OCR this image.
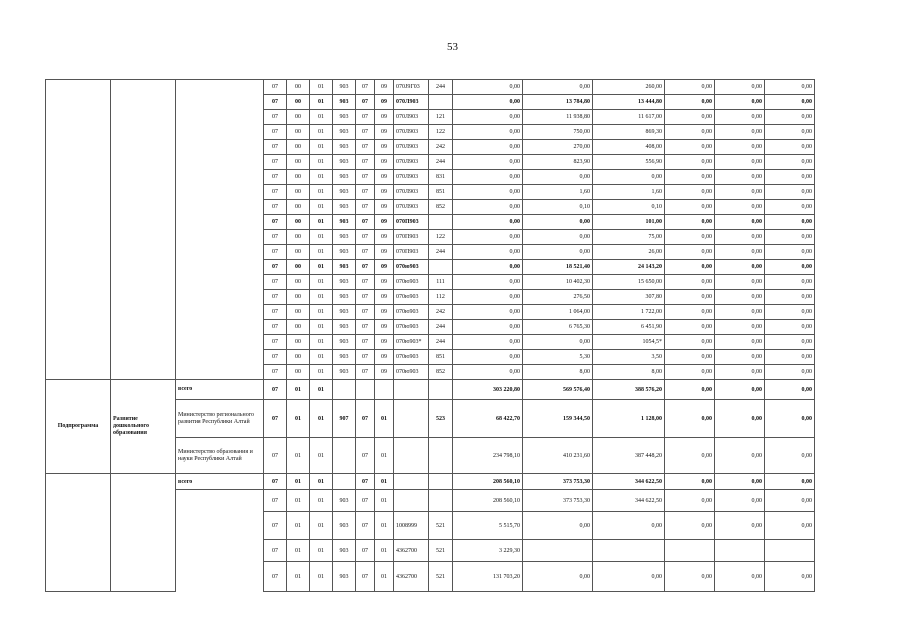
53
			07	00	01	903	07	09	070J9Г03	244	0,00	0,00	260,00	0,00	0,00	0,00
			07	00	01	903	07	09	070Л903		0,00	13 784,80	13 444,80	0,00	0,00	0,00
			07	00	01	903	07	09	070Л903	121	0,00	11 938,80	11 617,00	0,00	0,00	0,00
			07	00	01	903	07	09	070Л903	122	0,00	750,00	869,30	0,00	0,00	0,00
			07	00	01	903	07	09	070Л903	242	0,00	270,00	408,00	0,00	0,00	0,00
			07	00	01	903	07	09	070Л903	244	0,00	823,90	556,90	0,00	0,00	0,00
			07	00	01	903	07	09	070Л903	831	0,00	0,00	0,00	0,00	0,00	0,00
			07	00	01	903	07	09	070Л903	851	0,00	1,60	1,60	0,00	0,00	0,00
			07	00	01	903	07	09	070Л903	852	0,00	0,10	0,10	0,00	0,00	0,00
			07	00	01	903	07	09	070П903		0,00	0,00	101,00	0,00	0,00	0,00
			07	00	01	903	07	09	070П903	122	0,00	0,00	75,00	0,00	0,00	0,00
			07	00	01	903	07	09	070П903	244	0,00	0,00	26,00	0,00	0,00	0,00
			07	00	01	903	07	09	070ю903		0,00	18 521,40	24 143,20	0,00	0,00	0,00
			07	00	01	903	07	09	070ю903	111	0,00	10 402,30	15 650,00	0,00	0,00	0,00
			07	00	01	903	07	09	070ю903	112	0,00	276,50	307,80	0,00	0,00	0,00
			07	00	01	903	07	09	070ю903	242	0,00	1 064,00	1 722,00	0,00	0,00	0,00
			07	00	01	903	07	09	070ю903	244	0,00	6 765,30	6 451,90	0,00	0,00	0,00
			07	00	01	903	07	09	070ю903*	244	0,00	0,00	1054,5*	0,00	0,00	0,00
			07	00	01	903	07	09	070ю903	851	0,00	5,30	3,50	0,00	0,00	0,00
			07	00	01	903	07	09	070ю903	852	0,00	8,00	8,00	0,00	0,00	0,00
Подпрограмма	Развитие дошкольного образования	всего	07	01	01						303 220,80	569 576,40	388 576,20	0,00	0,00	0,00
		Министерство регионального развития Республики Алтай	07	01	01	907	07	01		523	68 422,70	159 344,50	1 128,00	0,00	0,00	0,00
		Министерство образования и науки Республики Алтай	07	01	01		07	01			234 798,10	410 231,60	387 448,20	0,00	0,00	0,00
		всего	07	01	01		07	01			208 560,10	373 753,30	344 622,50	0,00	0,00	0,00
			07	01	01	903	07	01			208 560,10	373 753,30	344 622,50	0,00	0,00	0,00
			07	01	01	903	07	01	1008999	521	5 515,70	0,00	0,00	0,00	0,00	0,00
			07	01	01	903	07	01	4362700	521	3 229,30					
			07	01	01	903	07	01	4362700	521	131 703,20	0,00	0,00	0,00	0,00	0,00
